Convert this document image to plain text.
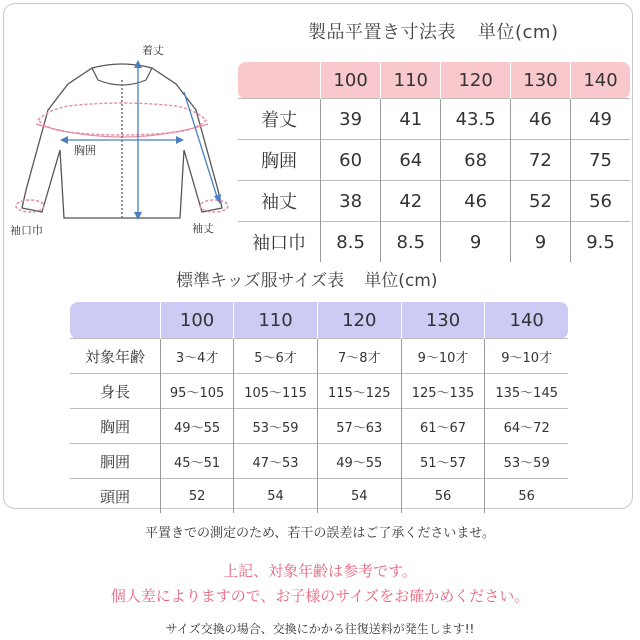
着丈
胸囲
袖口巾	袖丈
製品平置き寸法表 単位(cm)
	100	110	120	130	140
着丈	39	41	43.5	46	49
胸囲	60	64	68	72	75
袖丈	38	42	46	52	56
袖口巾	8.5	8.5	9	9	9.5
標準キッズ服サイズ表 単位(cm)
	100	110	120	130	140
対象年齢	3〜4才	5〜6才	7〜8才	9〜10才	9〜10才
身長	95〜105	105〜115	115〜125	125〜135	135〜145
胸囲	49〜55	53〜59	57〜63	61〜67	64〜72
胴囲	45〜51	47〜53	49〜55	51〜57	53〜59
頭囲	52	54	54	56	56
平置きでの測定のため、若干の誤差はご了承くださいませ。
上記、対象年齢は参考です。
個人差によりますので、お子様のサイズをお確かめください。
サイズ交換の場合、交換にかかる往復送料が発生します!!
